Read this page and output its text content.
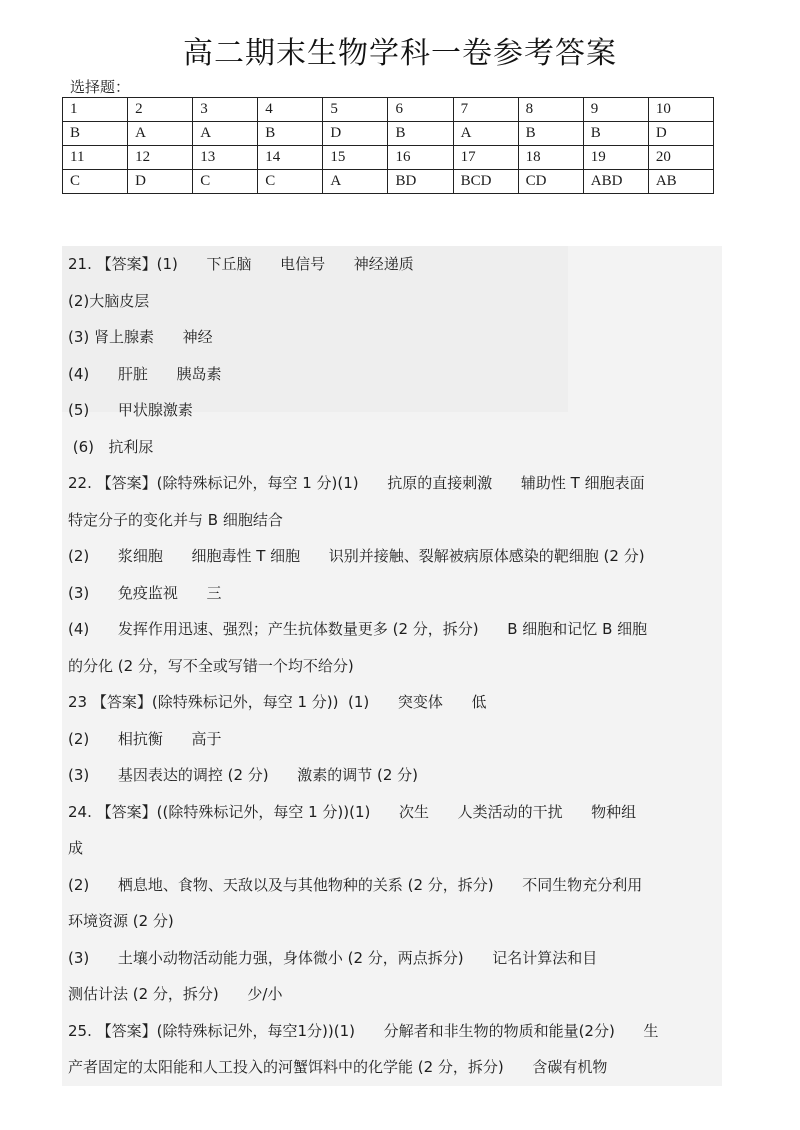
高二期末生物学科一卷参考答案
选择题：
1	2	3	4	5	6	7	8	9	10
B	A	A	B	D	B	A	B	B	D
11	12	13	14	15	16	17	18	19	20
C	D	C	C	A	BD	BCD	CD	ABD	AB
21. 【答案】(1)      下丘脑      电信号      神经递质
(2)大脑皮层
(3) 肾上腺素      神经
(4)      肝脏      胰岛素
(5)      甲状腺激素
(6)   抗利尿
22. 【答案】(除特殊标记外，每空 1 分)(1)      抗原的直接刺激      辅助性 T 细胞表面
特定分子的变化并与 B 细胞结合
(2)      浆细胞      细胞毒性 T 细胞      识别并接触、裂解被病原体感染的靶细胞 (2 分)
(3)      免疫监视      三
(4)      发挥作用迅速、强烈；产生抗体数量更多 (2 分，拆分)      B 细胞和记忆 B 细胞
的分化 (2 分，写不全或写错一个均不给分)
23 【答案】(除特殊标记外，每空 1 分))  (1)      突变体      低
(2)      相抗衡      高于
(3)      基因表达的调控 (2 分)      激素的调节 (2 分)
24. 【答案】((除特殊标记外，每空 1 分))(1)      次生      人类活动的干扰      物种组
成
(2)      栖息地、食物、天敌以及与其他物种的关系 (2 分，拆分)      不同生物充分利用
环境资源 (2 分)
(3)      土壤小动物活动能力强，身体微小 (2 分，两点拆分)      记名计算法和目
测估计法 (2 分，拆分)      少/小
25. 【答案】(除特殊标记外，每空1分))(1)      分解者和非生物的物质和能量(2分)      生
产者固定的太阳能和人工投入的河蟹饵料中的化学能 (2 分，拆分)      含碳有机物
